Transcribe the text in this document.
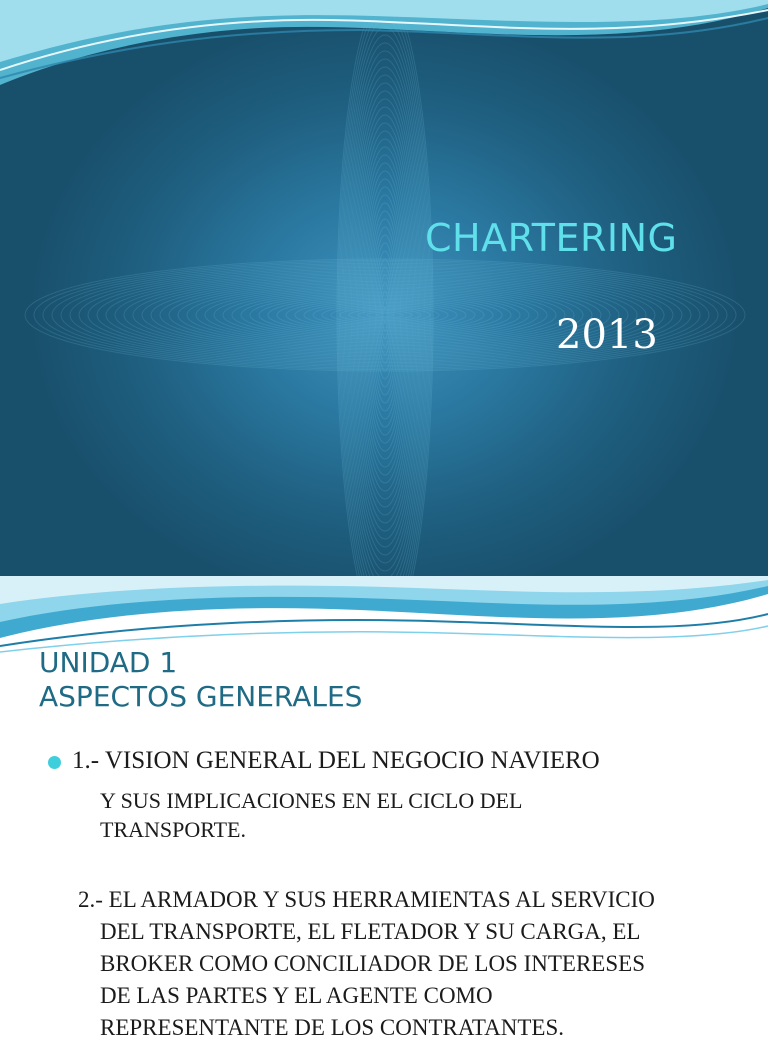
CHARTERING
2013
UNIDAD 1
ASPECTOS GENERALES
1.- VISION GENERAL DEL NEGOCIO NAVIERO
Y SUS IMPLICACIONES EN EL CICLO DEL
TRANSPORTE.
2.- EL ARMADOR Y SUS HERRAMIENTAS AL SERVICIO
DEL TRANSPORTE, EL FLETADOR Y SU CARGA, EL
BROKER COMO CONCILIADOR DE LOS INTERESES
DE LAS PARTES Y EL AGENTE COMO
REPRESENTANTE DE LOS CONTRATANTES.
